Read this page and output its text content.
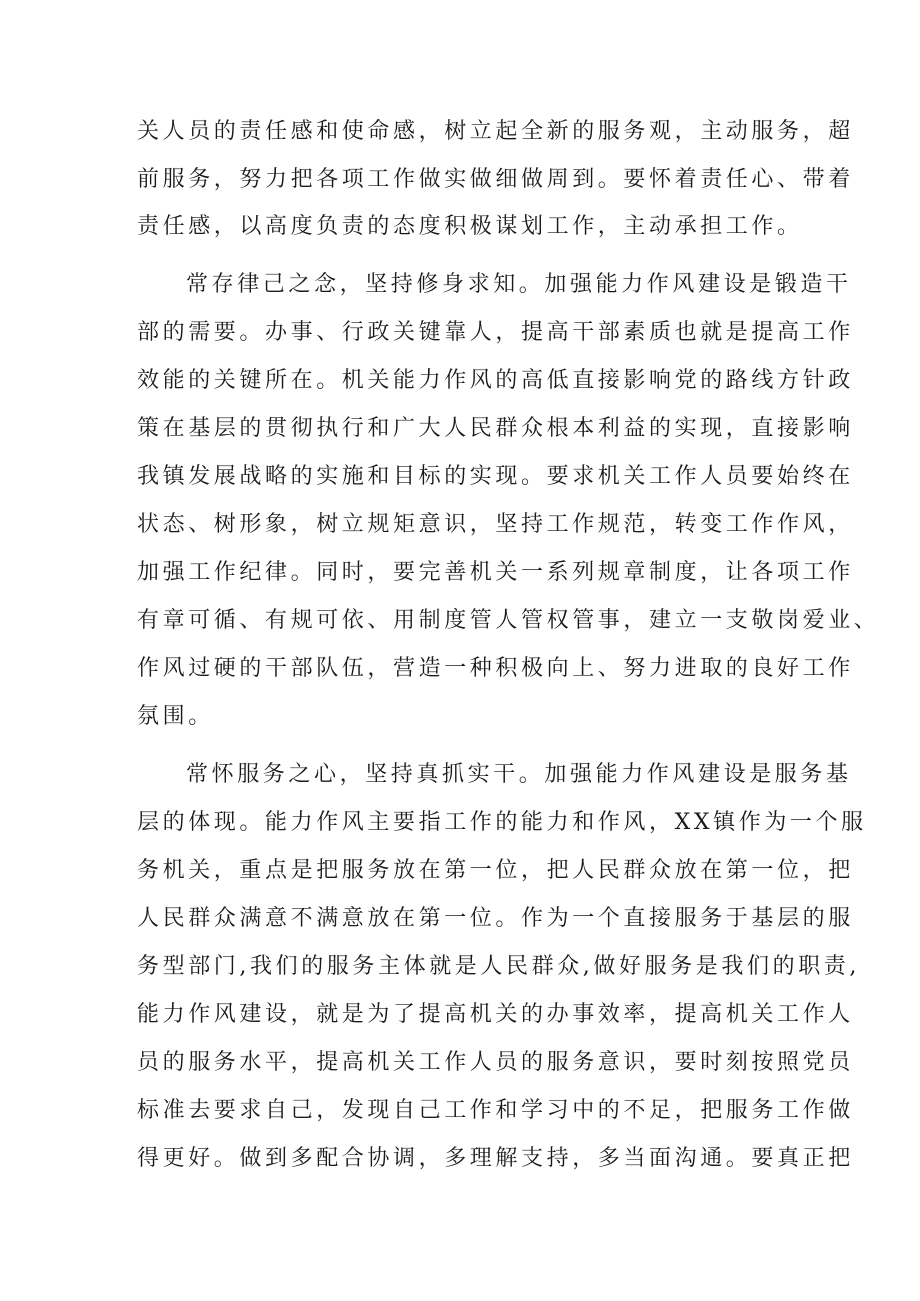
关人员的责任感和使命感，树立起全新的服务观，主动服务，超
前服务，努力把各项工作做实做细做周到。要怀着责任心、带着
责任感，以高度负责的态度积极谋划工作，主动承担工作。
常存律己之念，坚持修身求知。加强能力作风建设是锻造干
部的需要。办事、行政关键靠人，提高干部素质也就是提高工作
效能的关键所在。机关能力作风的高低直接影响党的路线方针政
策在基层的贯彻执行和广大人民群众根本利益的实现，直接影响
我镇发展战略的实施和目标的实现。要求机关工作人员要始终在
状态、树形象，树立规矩意识，坚持工作规范，转变工作作风，
加强工作纪律。同时，要完善机关一系列规章制度，让各项工作
有章可循、有规可依、用制度管人管权管事，建立一支敬岗爱业、
作风过硬的干部队伍，营造一种积极向上、努力进取的良好工作
氛围。
常怀服务之心，坚持真抓实干。加强能力作风建设是服务基
层的体现。能力作风主要指工作的能力和作风，XX镇作为一个服
务机关，重点是把服务放在第一位，把人民群众放在第一位，把
人民群众满意不满意放在第一位。作为一个直接服务于基层的服
务型部门,我们的服务主体就是人民群众,做好服务是我们的职责,
能力作风建设，就是为了提高机关的办事效率，提高机关工作人
员的服务水平，提高机关工作人员的服务意识，要时刻按照党员
标准去要求自己，发现自己工作和学习中的不足，把服务工作做
得更好。做到多配合协调，多理解支持，多当面沟通。要真正把
